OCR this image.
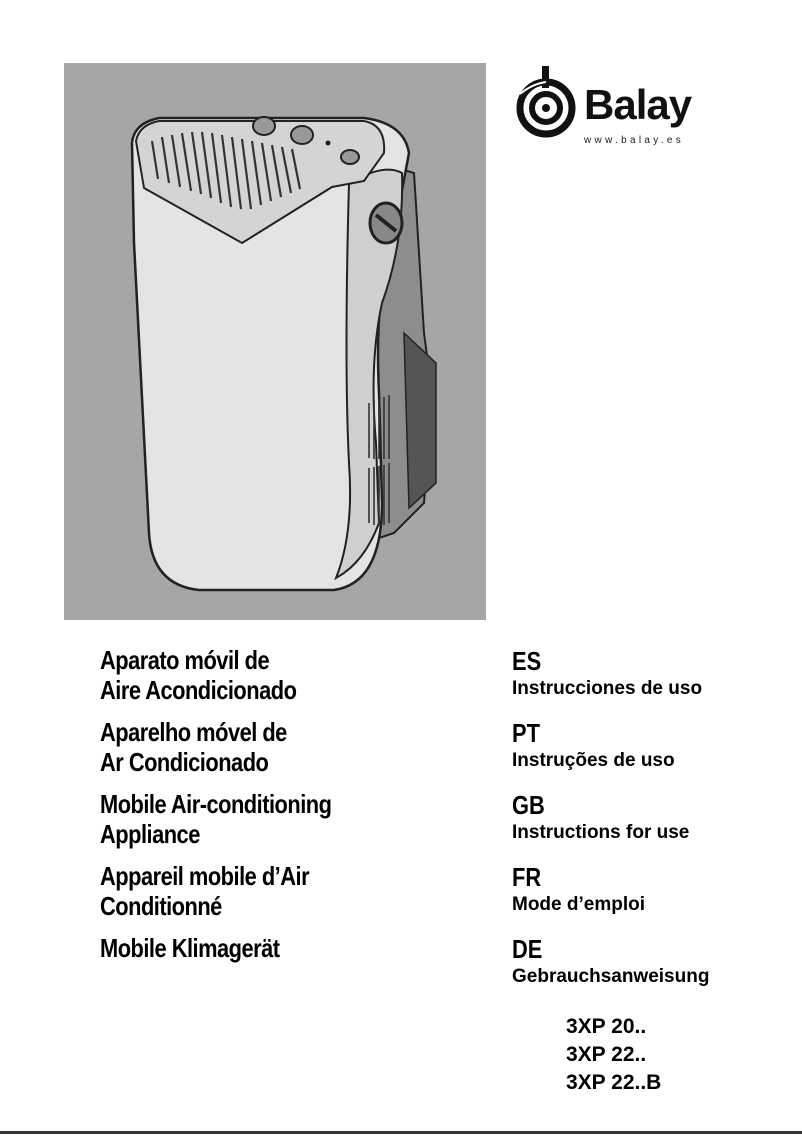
Balay
www.balay.es
Aparato móvil de
Aire Acondicionado
Aparelho móvel de
Ar Condicionado
Mobile Air-conditioning
Appliance
Appareil mobile d’Air
Conditionné
Mobile Klimagerät
ES
Instrucciones de uso
PT
Instruções de uso
GB
Instructions for use
FR
Mode d’emploi
DE
Gebrauchsanweisung
3XP 20..
3XP 22..
3XP 22..B
